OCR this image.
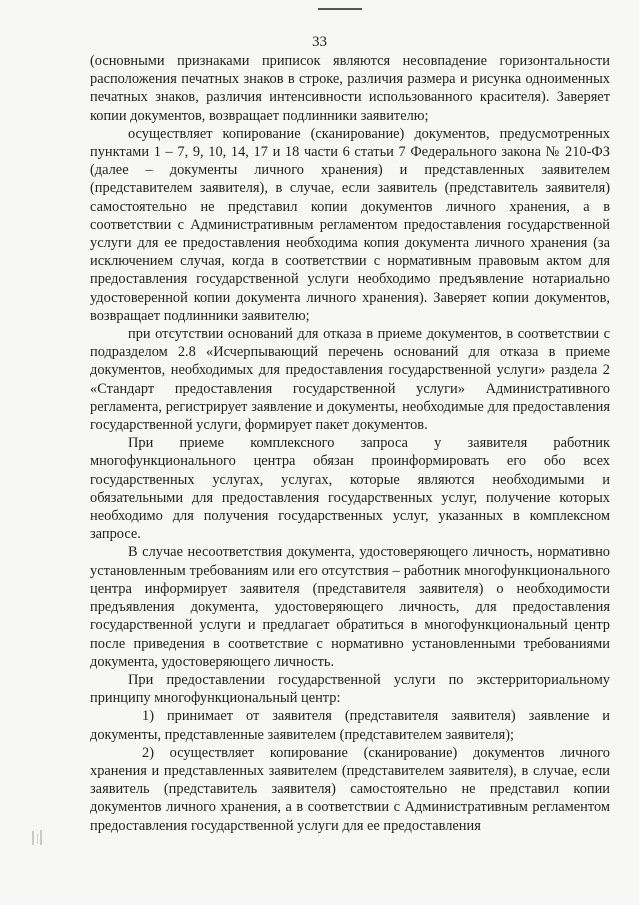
33

(основными признаками приписок являются несовпадение горизонтальности расположения печатных знаков в строке, различия размера и рисунка одноименных печатных знаков, различия интенсивности использованного красителя). Заверяет копии документов, возвращает подлинники заявителю;

осуществляет копирование (сканирование) документов, предусмотренных пунктами 1 – 7, 9, 10, 14, 17 и 18 части 6 статьи 7 Федерального закона № 210-ФЗ (далее – документы личного хранения) и представленных заявителем (представителем заявителя), в случае, если заявитель (представитель заявителя) самостоятельно не представил копии документов личного хранения, а в соответствии с Административным регламентом предоставления государственной услуги для ее предоставления необходима копия документа личного хранения (за исключением случая, когда в соответствии с нормативным правовым актом для предоставления государственной услуги необходимо предъявление нотариально удостоверенной копии документа личного хранения). Заверяет копии документов, возвращает подлинники заявителю;

при отсутствии оснований для отказа в приеме документов, в соответствии с подразделом 2.8 «Исчерпывающий перечень оснований для отказа в приеме документов, необходимых для предоставления государственной услуги» раздела 2 «Стандарт предоставления государственной услуги» Административного регламента, регистрирует заявление и документы, необходимые для предоставления государственной услуги, формирует пакет документов.

При приеме комплексного запроса у заявителя работник многофункционального центра обязан проинформировать его обо всех государственных услугах, услугах, которые являются необходимыми и обязательными для предоставления государственных услуг, получение которых необходимо для получения государственных услуг, указанных в комплексном запросе.

В случае несоответствия документа, удостоверяющего личность, нормативно установленным требованиям или его отсутствия – работник многофункционального центра информирует заявителя (представителя заявителя) о необходимости предъявления документа, удостоверяющего личность, для предоставления государственной услуги и предлагает обратиться в многофункциональный центр после приведения в соответствие с нормативно установленными требованиями документа, удостоверяющего личность.

При предоставлении государственной услуги по экстерриториальному принципу многофункциональный центр:

1) принимает от заявителя (представителя заявителя) заявление и документы, представленные заявителем (представителем заявителя);

2) осуществляет копирование (сканирование) документов личного хранения и представленных заявителем (представителем заявителя), в случае, если заявитель (представитель заявителя) самостоятельно не представил копии документов личного хранения, а в соответствии с Административным регламентом предоставления государственной услуги для ее предоставления
